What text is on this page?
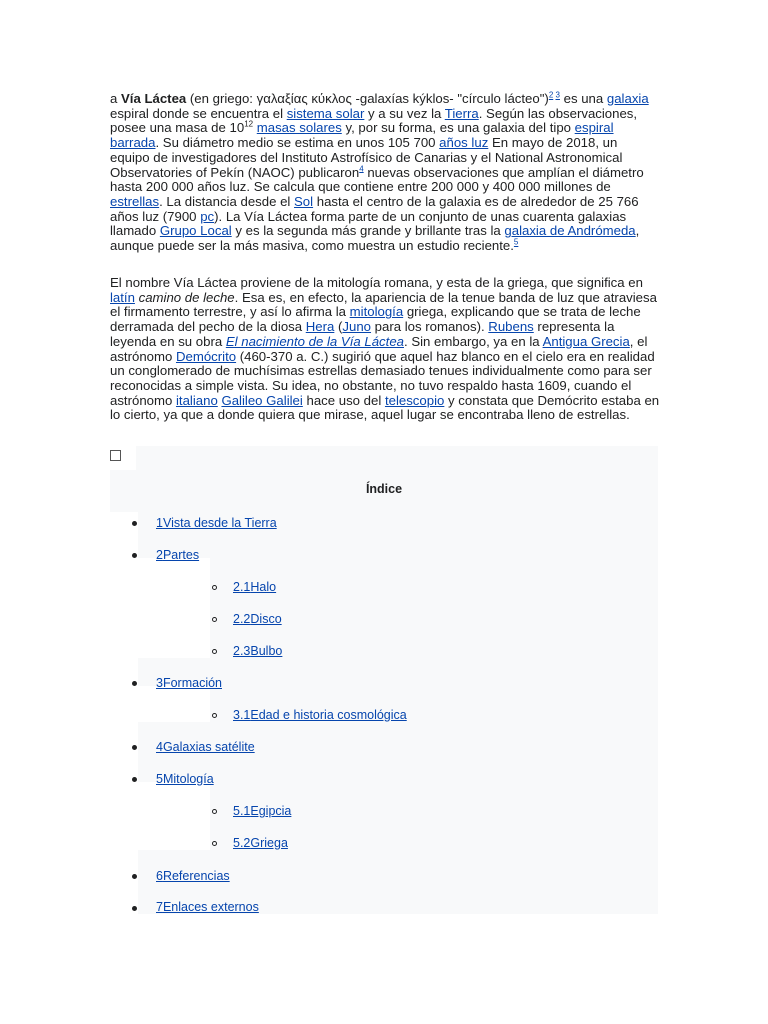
a Vía Láctea (en griego: γαλαξίας κύκλος -galaxías kýklos- "círculo lácteo")$^{2 3}$ es una galaxia espiral donde se encuentra el sistema solar y a su vez la Tierra. Según las observaciones, posee una masa de $10^{12}$ masas solares y, por su forma, es una galaxia del tipo espiral barrada. Su diámetro medio se estima en unos 105 700 años luz En mayo de 2018, un equipo de investigadores del Instituto Astrofísico de Canarias y el National Astronomical Observatories of Pekín (NAOC) publicaron$^4$ nuevas observaciones que amplían el diámetro hasta 200 000 años luz. Se calcula que contiene entre 200 000 y 400 000 millones de estrellas. La distancia desde el Sol hasta el centro de la galaxia es de alrededor de 25 766 años luz (7900 pc). La Vía Láctea forma parte de un conjunto de unas cuarenta galaxias llamado Grupo Local y es la segunda más grande y brillante tras la galaxia de Andrómeda, aunque puede ser la más masiva, como muestra un estudio reciente.$^5$
El nombre Vía Láctea proviene de la mitología romana, y esta de la griega, que significa en latín camino de leche. Esa es, en efecto, la apariencia de la tenue banda de luz que atraviesa el firmamento terrestre, y así lo afirma la mitología griega, explicando que se trata de leche derramada del pecho de la diosa Hera (Juno para los romanos). Rubens representa la leyenda en su obra El nacimiento de la Vía Láctea. Sin embargo, ya en la Antigua Grecia, el astrónomo Demócrito (460-370 a. C.) sugirió que aquel haz blanco en el cielo era en realidad un conglomerado de muchísimas estrellas demasiado tenues individualmente como para ser reconocidas a simple vista. Su idea, no obstante, no tuvo respaldo hasta 1609, cuando el astrónomo italiano Galileo Galilei hace uso del telescopio y constata que Demócrito estaba en lo cierto, ya que a donde quiera que mirase, aquel lugar se encontraba lleno de estrellas.
Índice
1Vista desde la Tierra
2Partes
2.1Halo
2.2Disco
2.3Bulbo
3Formación
3.1Edad e historia cosmológica
4Galaxias satélite
5Mitología
5.1Egipcia
5.2Griega
6Referencias
7Enlaces externos
